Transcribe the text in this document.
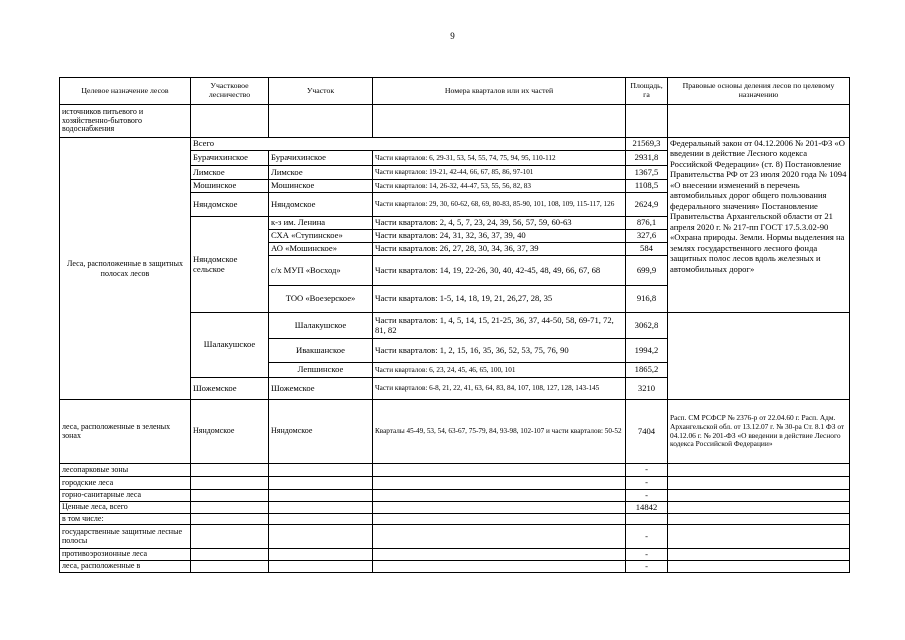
9
Целевое назначение лесов	Участковое лесничество	Участок	Номера кварталов или их частей	Площадь, га	Правовые основы деления лесов по целевому назначению
источников питьевого и хозяйственно-бытового водоснабжения					
Леса, расположенные в защитных полосах лесов	Всего			21569,3	Федеральный закон от 04.12.2006 № 201-ФЗ «О введении в действие Лесного кодекса Российской Федерации» (ст. 8) Постановление Правительства РФ от 23 июля 2020 года № 1094 «О внесении изменений в перечень автомобильных дорог общего пользования федерального значения» Постановление Правительства Архангельской области от 21 апреля 2020 г. № 217-пп ГОСТ 17.5.3.02-90 «Охрана природы. Земли. Нормы выделения на землях государственного лесного фонда защитных полос лесов вдоль железных и автомобильных дорог»
	Бурачихинское	Бурачихинское	Части кварталов: 6, 29-31, 53, 54, 55, 74, 75, 94, 95, 110-112	2931,8	
	Лимское	Лимское	Части кварталов: 19-21, 42-44, 66, 67, 85, 86, 97-101	1367,5	
	Мошинское	Мошинское	Части кварталов: 14, 26-32, 44-47, 53, 55, 56, 82, 83	1108,5	
	Няндомское	Няндомское	Части кварталов: 29, 30, 60-62, 68, 69, 80-83, 85-90, 101, 108, 109, 115-117, 126	2624,9	
	Няндомское сельское	к-з им. Ленина	Части кварталов: 2, 4, 5, 7, 23, 24, 39, 56, 57, 59, 60-63	876,1	
		СХА «Ступинское»	Части кварталов: 24, 31, 32, 36, 37, 39, 40	327,6	
		АО «Мошинское»	Части кварталов: 26, 27, 28, 30, 34, 36, 37, 39	584	
		с/х МУП «Восход»	Части кварталов: 14, 19, 22-26, 30, 40, 42-45, 48, 49, 66, 67, 68	699,9	
		ТОО «Воезерское»	Части кварталов: 1-5, 14, 18, 19, 21, 26,27, 28, 35	916,8	
	Шалакушское	Шалакушское	Части кварталов: 1, 4, 5, 14, 15, 21-25, 36, 37, 44-50, 58, 69-71, 72, 81, 82	3062,8	
		Ивакшанское	Части кварталов: 1, 2, 15, 16, 35, 36, 52, 53, 75, 76, 90	1994,2	
		Лепшинское	Части кварталов: 6, 23, 24, 45, 46, 65, 100, 101	1865,2	
	Шожемское	Шожемское	Части кварталов: 6-8, 21, 22, 41, 63, 64, 83, 84, 107, 108, 127, 128, 143-145	3210	
леса, расположенные в зеленых зонах	Няндомское	Няндомское	Кварталы 45-49, 53, 54, 63-67, 75-79, 84, 93-98, 102-107 и части кварталов: 50-52	7404	Расп. СМ РСФСР № 2376-р от 22.04.60 г. Расп. Адм. Архангельской обл. от 13.12.07 г. № 30-ра Ст. 8.1 ФЗ от 04.12.06 г. № 201-ФЗ «О введении в действие Лесного кодекса Российской Федерации»
лесопарковые зоны				-	
городские леса				-	
горно-санитарные леса				-	
Ценные леса, всего				14842	
в том числе:					
государственные защитные лесные полосы				-	
противоэрозионные леса				-	
леса, расположенные в				-	
